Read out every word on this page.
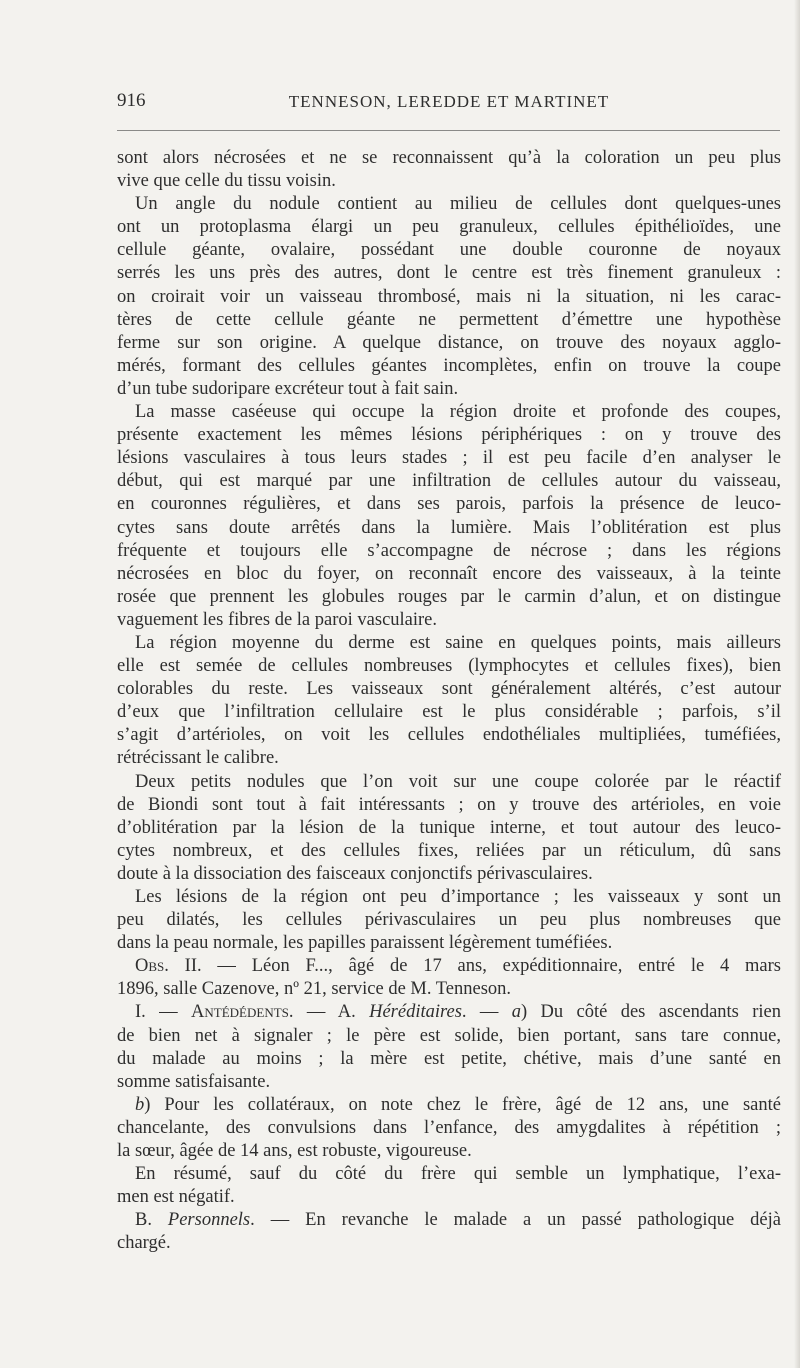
916	TENNESON, LEREDDE ET MARTINET
sont alors nécrosées et ne se reconnaissent qu’à la coloration un peu plus
vive que celle du tissu voisin.
Un angle du nodule contient au milieu de cellules dont quelques-unes
ont un protoplasma élargi un peu granuleux, cellules épithélioïdes, une
cellule géante, ovalaire, possédant une double couronne de noyaux
serrés les uns près des autres, dont le centre est très finement granuleux :
on croirait voir un vaisseau thrombosé, mais ni la situation, ni les carac-
tères de cette cellule géante ne permettent d’émettre une hypothèse
ferme sur son origine. A quelque distance, on trouve des noyaux agglo-
mérés, formant des cellules géantes incomplètes, enfin on trouve la coupe
d’un tube sudoripare excréteur tout à fait sain.
La masse caséeuse qui occupe la région droite et profonde des coupes,
présente exactement les mêmes lésions périphériques : on y trouve des
lésions vasculaires à tous leurs stades ; il est peu facile d’en analyser le
début, qui est marqué par une infiltration de cellules autour du vaisseau,
en couronnes régulières, et dans ses parois, parfois la présence de leuco-
cytes sans doute arrêtés dans la lumière. Mais l’oblitération est plus
fréquente et toujours elle s’accompagne de nécrose ; dans les régions
nécrosées en bloc du foyer, on reconnaît encore des vaisseaux, à la teinte
rosée que prennent les globules rouges par le carmin d’alun, et on distingue
vaguement les fibres de la paroi vasculaire.
La région moyenne du derme est saine en quelques points, mais ailleurs
elle est semée de cellules nombreuses (lymphocytes et cellules fixes), bien
colorables du reste. Les vaisseaux sont généralement altérés, c’est autour
d’eux que l’infiltration cellulaire est le plus considérable ; parfois, s’il
s’agit d’artérioles, on voit les cellules endothéliales multipliées, tuméfiées,
rétrécissant le calibre.
Deux petits nodules que l’on voit sur une coupe colorée par le réactif
de Biondi sont tout à fait intéressants ; on y trouve des artérioles, en voie
d’oblitération par la lésion de la tunique interne, et tout autour des leuco-
cytes nombreux, et des cellules fixes, reliées par un réticulum, dû sans
doute à la dissociation des faisceaux conjonctifs périvasculaires.
Les lésions de la région ont peu d’importance ; les vaisseaux y sont un
peu dilatés, les cellules périvasculaires un peu plus nombreuses que
dans la peau normale, les papilles paraissent légèrement tuméfiées.
Obs. II. — Léon F..., âgé de 17 ans, expéditionnaire, entré le 4 mars
1896, salle Cazenove, nº 21, service de M. Tenneson.
I. — Antédédents. — A. Héréditaires. — a) Du côté des ascendants rien
de bien net à signaler ; le père est solide, bien portant, sans tare connue,
du malade au moins ; la mère est petite, chétive, mais d’une santé en
somme satisfaisante.
b) Pour les collatéraux, on note chez le frère, âgé de 12 ans, une santé
chancelante, des convulsions dans l’enfance, des amygdalites à répétition ;
la sœur, âgée de 14 ans, est robuste, vigoureuse.
En résumé, sauf du côté du frère qui semble un lymphatique, l’exa-
men est négatif.
B. Personnels. — En revanche le malade a un passé pathologique déjà
chargé.
